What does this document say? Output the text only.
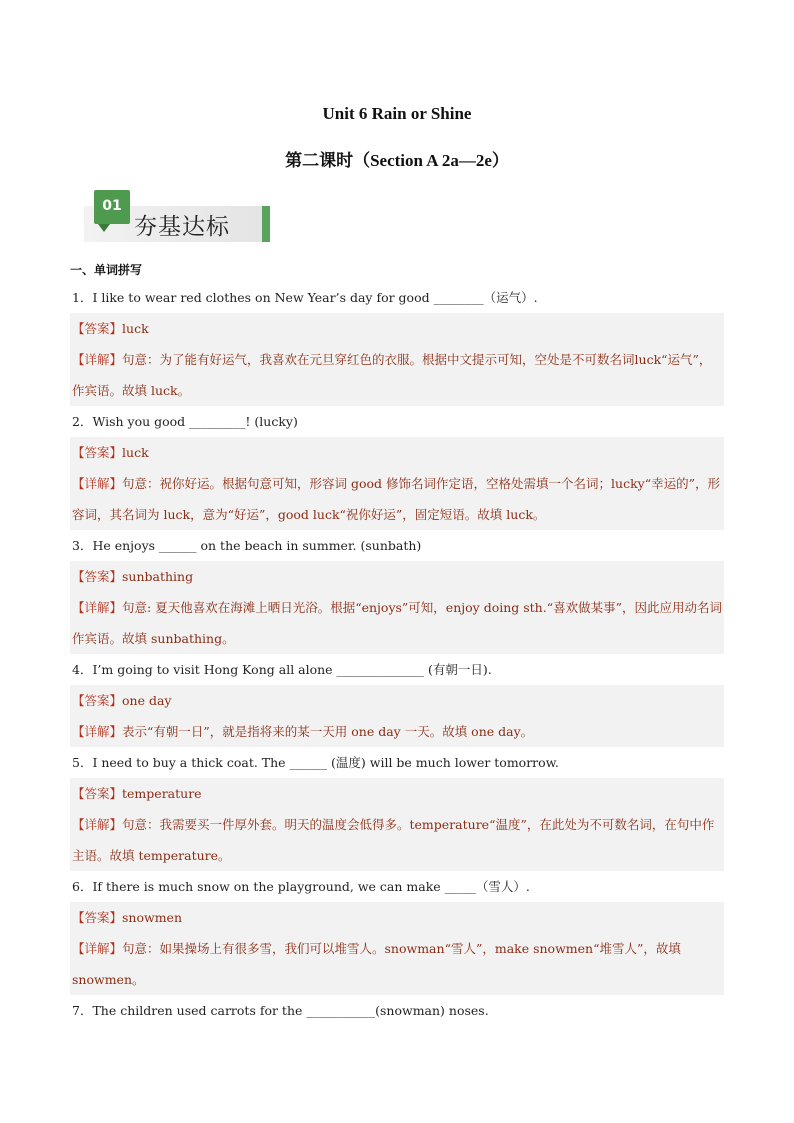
Unit 6 Rain or Shine
第二课时（Section A 2a—2e）
01
夯基达标
一、单词拼写
1．I like to wear red clothes on New Year’s day for good ________（运气）.
【答案】luck
【详解】句意：为了能有好运气，我喜欢在元旦穿红色的衣服。根据中文提示可知，空处是不可数名词luck“运气”，作宾语。故填 luck。
2．Wish you good _________! (lucky)
【答案】luck
【详解】句意：祝你好运。根据句意可知，形容词 good 修饰名词作定语，空格处需填一个名词；lucky“幸运的”，形容词，其名词为 luck，意为“好运”，good luck“祝你好运”，固定短语。故填 luck。
3．He enjoys ______ on the beach in summer. (sunbath)
【答案】sunbathing
【详解】句意: 夏天他喜欢在海滩上晒日光浴。根据“enjoys”可知，enjoy doing sth.“喜欢做某事”，因此应用动名词作宾语。故填 sunbathing。
4．I’m going to visit Hong Kong all alone ______________ (有朝一日).
【答案】one day
【详解】表示“有朝一日”，就是指将来的某一天用 one day 一天。故填 one day。
5．I need to buy a thick coat. The ______ (温度) will be much lower tomorrow.
【答案】temperature
【详解】句意：我需要买一件厚外套。明天的温度会低得多。temperature“温度”，在此处为不可数名词，在句中作主语。故填 temperature。
6．If there is much snow on the playground, we can make _____（雪人）.
【答案】snowmen
【详解】句意：如果操场上有很多雪，我们可以堆雪人。snowman“雪人”，make snowmen“堆雪人”，故填snowmen。
7．The children used carrots for the ___________(snowman) noses.
